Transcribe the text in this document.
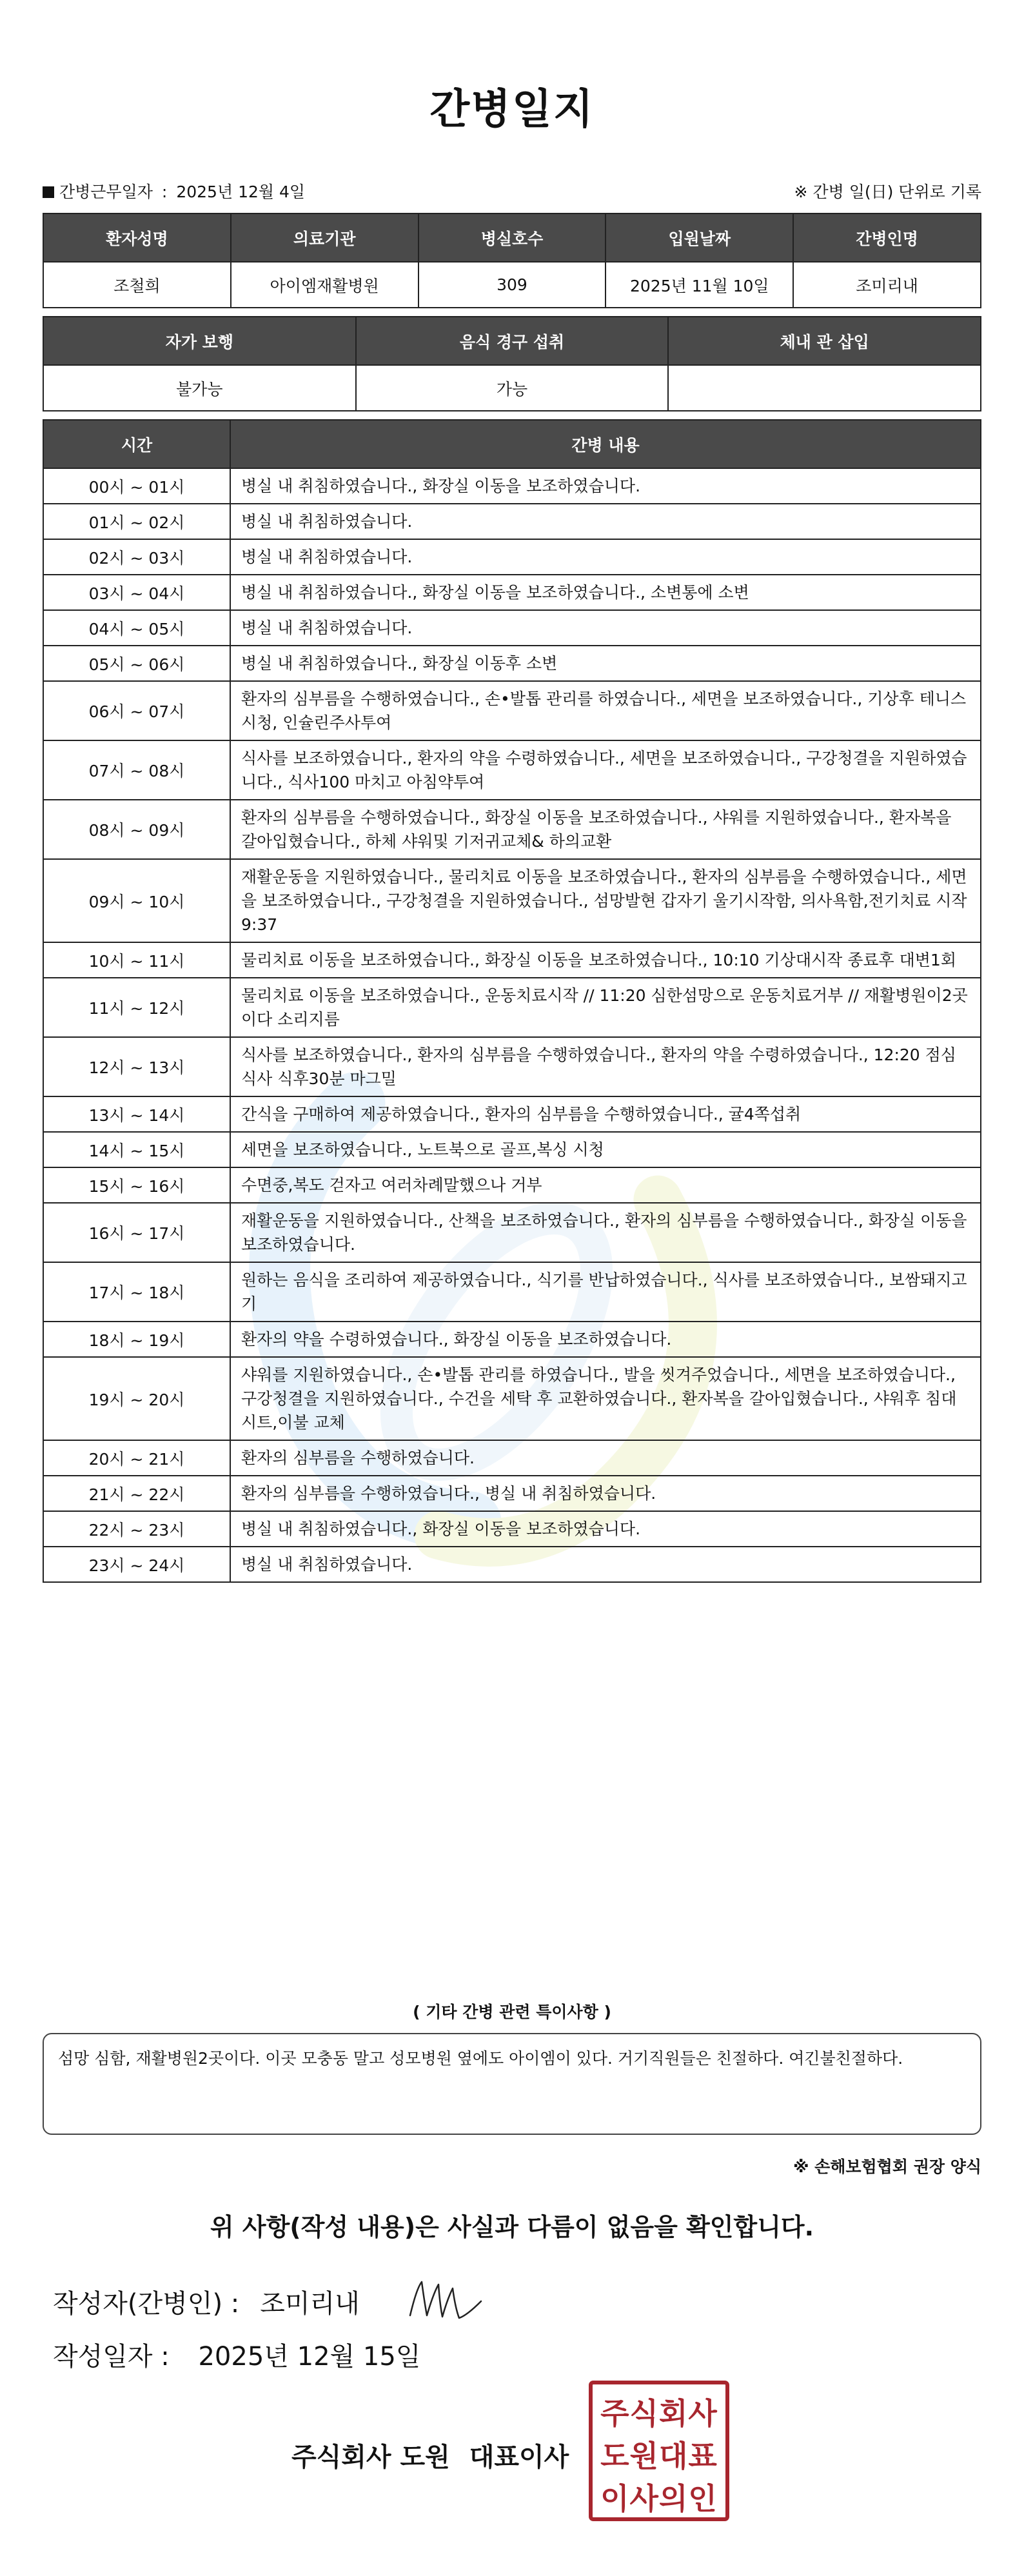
간병일지
간병근무일자 : 2025년 12월 4일	※ 간병 일(日) 단위로 기록
환자성명	의료기관	병실호수	입원날짜	간병인명
조철희	아이엠재활병원	309	2025년 11월 10일	조미리내
자가 보행	음식 경구 섭취	체내 관 삽입
불가능	가능	
시간	간병 내용
00시 ~ 01시	병실 내 취침하였습니다., 화장실 이동을 보조하였습니다.
01시 ~ 02시	병실 내 취침하였습니다.
02시 ~ 03시	병실 내 취침하였습니다.
03시 ~ 04시	병실 내 취침하였습니다., 화장실 이동을 보조하였습니다., 소변통에 소변
04시 ~ 05시	병실 내 취침하였습니다.
05시 ~ 06시	병실 내 취침하였습니다., 화장실 이동후 소변
06시 ~ 07시	환자의 심부름을 수행하였습니다., 손•발톱 관리를 하였습니다., 세면을 보조하였습니다., 기상후 테니스시청, 인슐린주사투여
07시 ~ 08시	식사를 보조하였습니다., 환자의 약을 수령하였습니다., 세면을 보조하였습니다., 구강청결을 지원하였습니다., 식사100 마치고 아침약투여
08시 ~ 09시	환자의 심부름을 수행하였습니다., 화장실 이동을 보조하였습니다., 샤워를 지원하였습니다., 환자복을 갈아입혔습니다., 하체 샤워및 기저귀교체& 하의교환
09시 ~ 10시	재활운동을 지원하였습니다., 물리치료 이동을 보조하였습니다., 환자의 심부름을 수행하였습니다., 세면을 보조하였습니다., 구강청결을 지원하였습니다., 섬망발현 갑자기 울기시작함, 의사욕함,전기치료 시작9:37
10시 ~ 11시	물리치료 이동을 보조하였습니다., 화장실 이동을 보조하였습니다., 10:10 기상대시작 종료후 대변1회
11시 ~ 12시	물리치료 이동을 보조하였습니다., 운동치료시작 // 11:20 심한섬망으로 운동치료거부 // 재활병원이2곳이다 소리지름
12시 ~ 13시	식사를 보조하였습니다., 환자의 심부름을 수행하였습니다., 환자의 약을 수령하였습니다., 12:20 점심식사 식후30분 마그밀
13시 ~ 14시	간식을 구매하여 제공하였습니다., 환자의 심부름을 수행하였습니다., 귤4쪽섭취
14시 ~ 15시	세면을 보조하였습니다., 노트북으로 골프,복싱 시청
15시 ~ 16시	수면중,복도 걷자고 여러차례말했으나 거부
16시 ~ 17시	재활운동을 지원하였습니다., 산책을 보조하였습니다., 환자의 심부름을 수행하였습니다., 화장실 이동을 보조하였습니다.
17시 ~ 18시	원하는 음식을 조리하여 제공하였습니다., 식기를 반납하였습니다., 식사를 보조하였습니다., 보쌈돼지고기
18시 ~ 19시	환자의 약을 수령하였습니다., 화장실 이동을 보조하였습니다.
19시 ~ 20시	샤워를 지원하였습니다., 손•발톱 관리를 하였습니다., 발을 씻겨주었습니다., 세면을 보조하였습니다., 구강청결을 지원하였습니다., 수건을 세탁 후 교환하였습니다., 환자복을 갈아입혔습니다., 샤워후 침대시트,이불 교체
20시 ~ 21시	환자의 심부름을 수행하였습니다.
21시 ~ 22시	환자의 심부름을 수행하였습니다., 병실 내 취침하였습니다.
22시 ~ 23시	병실 내 취침하였습니다., 화장실 이동을 보조하였습니다.
23시 ~ 24시	병실 내 취침하였습니다.
( 기타 간병 관련 특이사항 )
섬망 심함, 재활병원2곳이다. 이곳 모충동 말고 성모병원 옆에도 아이엠이 있다. 거기직원들은 친절하다. 여긴불친절하다.
※ 손해보험협회 권장 양식
위 사항(작성 내용)은 사실과 다름이 없음을 확인합니다.
작성자(간병인) : 조미리내
작성일자 : 2025년 12월 15일
주식회사 도원 대표이사
주식회사
도원대표
이사의인
